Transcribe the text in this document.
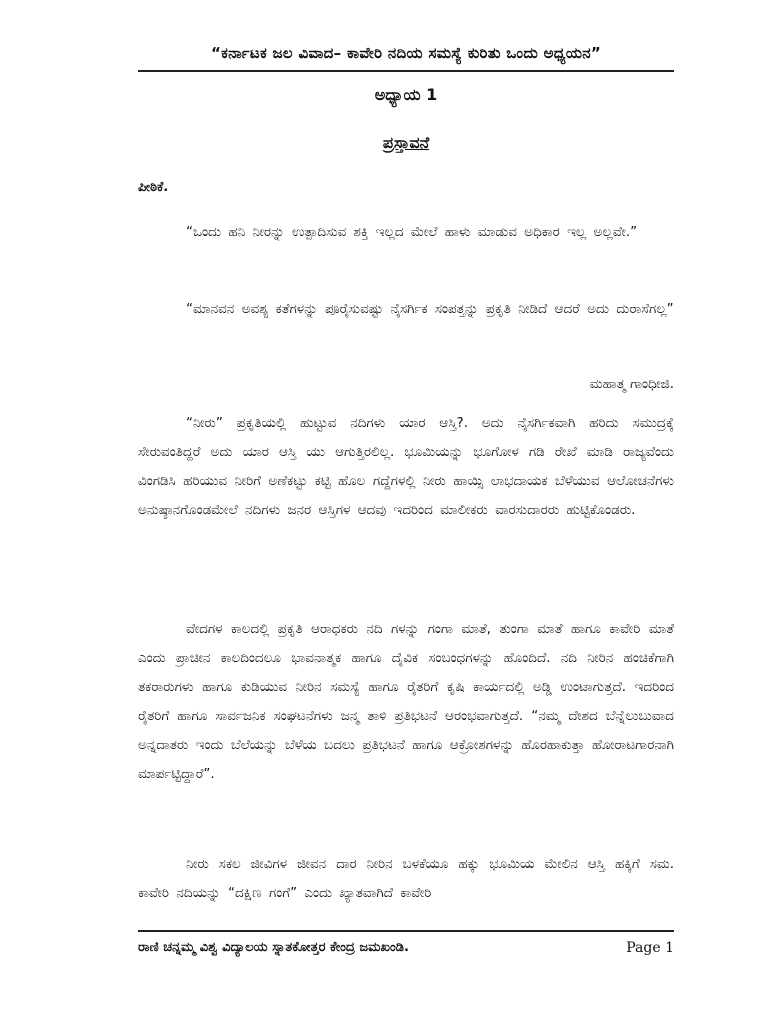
“ಕರ್ನಾಟಕ ಜಲ ವಿವಾದ– ಕಾವೇರಿ ನದಿಯ ಸಮಸ್ಯೆ ಕುರಿತು ಒಂದು ಅಧ್ಯಯನ”
ಅಧ್ಯಾಯ 1
ಪ್ರಸ್ತಾವನೆ
ಪೀಠಿಕೆ.

“ಒಂದು ಹನಿ ನೀರನ್ನು ಉತ್ಪಾದಿಸುವ ಶಕ್ತಿ ಇಲ್ಲದ ಮೇಲೆ ಹಾಳು ಮಾಡುವ ಅಧಿಕಾರ ಇಲ್ಲ ಅಲ್ಲವೇ.”

“ಮಾನವನ ಅವಶ್ಯ ಕತೆಗಳನ್ನು ಪೂರೈಸುವಷ್ಟು ನೈಸರ್ಗಿಕ ಸಂಪತ್ತನ್ನು ಪ್ರಕೃತಿ ನೀಡಿದೆ ಆದರೆ ಅದು ದುರಾಸೆಗಲ್ಲ”

ಮಹಾತ್ಮ ಗಾಂಧೀಜಿ.

“ನೀರು” ಪ್ರಕೃತಿಯಲ್ಲಿ ಹುಟ್ಟುವ ನದಿಗಳು ಯಾರ ಆಸ್ತಿ?. ಅದು ನೈಸರ್ಗಿಕವಾಗಿ ಹರಿದು ಸಮುದ್ರಕ್ಕೆ ಸೇರುವಂತಿದ್ದರೆ ಅದು ಯಾರ ಆಸ್ತಿ ಯು ಆಗುತ್ತಿರಲಿಲ್ಲ. ಭೂಮಿಯನ್ನು ಭೂಗೋಳ ಗಡಿ ರೇಖೆ ಮಾಡಿ ರಾಜ್ಯವೆಂದು ವಿಂಗಡಿಸಿ ಹರಿಯುವ ನೀರಿಗೆ ಅಣೆಕಟ್ಟು ಕಟ್ಟಿ ಹೊಲ ಗದ್ದೆಗಳಲ್ಲಿ ನೀರು ಹಾಯ್ಸಿ ಲಾಭದಾಯಕ ಬೆಳೆಯುವ ಆಲೋಚನೆಗಳು ಅನುಷ್ಠಾನಗೊಂಡಮೇಲೆ ನದಿಗಳು ಜನರ ಆಸ್ತಿಗಳ ಆದವು ಇದರಿಂದ ಮಾಲೀಕರು ವಾರಸುದಾರರು ಹುಟ್ಟಿಕೊಂಡರು.

ವೇದಗಳ ಕಾಲದಲ್ಲಿ ಪ್ರಕೃತಿ ಆರಾಧಕರು ನದಿ ಗಳನ್ನು ಗಂಗಾ ಮಾತೆ, ತುಂಗಾ ಮಾತೆ ಹಾಗೂ ಕಾವೇರಿ ಮಾತೆ ಎಂದು ಪ್ರಾಚೀನ ಕಾಲದಿಂದಲೂ ಭಾವನಾತ್ಮಕ ಹಾಗೂ ದೈವಿಕ ಸಂಬಂಧಗಳನ್ನು ಹೊಂದಿದೆ. ನದಿ ನೀರಿನ ಹಂಚಿಕೆಗಾಗಿ ತಕರಾರುಗಳು ಹಾಗೂ ಕುಡಿಯುವ ನೀರಿನ ಸಮಸ್ಯೆ ಹಾಗೂ ರೈತರಿಗೆ ಕೃಷಿ ಕಾರ್ಯದಲ್ಲಿ ಅಡ್ಡಿ ಉಂಟಾಗುತ್ತದೆ. ಇದರಿಂದ ರೈತರಿಗೆ ಹಾಗೂ ಸಾರ್ವಜನಿಕ ಸಂಘಟನೆಗಳು ಜನ್ಮ ತಾಳಿ ಪ್ರತಿಭಟನೆ ಆರಂಭವಾಗುತ್ತದೆ. “ನಮ್ಮ ದೇಶದ ಬೆನ್ನೆಲುಬುವಾದ ಅನ್ನದಾತರು ಇಂದು ಬೆಲೆಯನ್ನು ಬೆಳೆಯ ಬದಲು ಪ್ರತಿಭಟನೆ ಹಾಗೂ ಆಕ್ರೋಶಗಳನ್ನು ಹೊರಹಾಕುತ್ತಾ ಹೋರಾಟಗಾರನಾಗಿ ಮಾರ್ಪಟ್ಟಿದ್ದಾರೆ”.

ನೀರು ಸಕಲ ಜೀವಿಗಳ ಜೀವನ ದಾರ ನೀರಿನ ಬಳಕೆಯೂ ಹಕ್ಕು ಭೂಮಿಯ ಮೇಲಿನ ಆಸ್ತಿ ಹಕ್ಕಿಗೆ ಸಮ. ಕಾವೇರಿ ನದಿಯನ್ನು “ದಕ್ಷಿಣ ಗಂಗೆ” ಎಂದು ಖ್ಯಾತವಾಗಿದೆ ಕಾವೇರಿ

ರಾಣಿ ಚನ್ನಮ್ಮ ವಿಶ್ವ ವಿದ್ಯಾಲಯ ಸ್ನಾತಕೋತ್ತರ ಕೇಂದ್ರ ಜಮಖಂಡಿ.	Page 1
